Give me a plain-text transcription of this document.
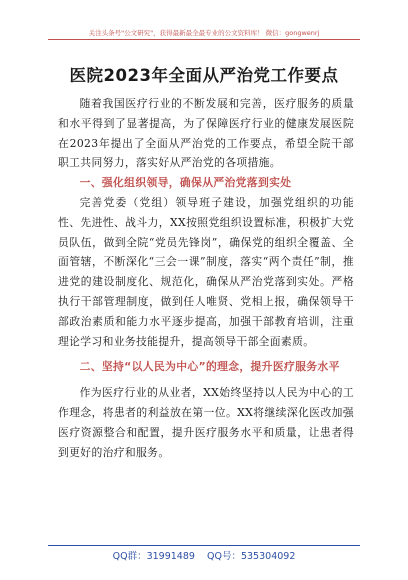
关注头条号"公文研究"，获得最新最全最专业的公文资料库！ 微信：gongwenrj
医院2023年全面从严治党工作要点

随着我国医疗行业的不断发展和完善，医疗服务的质量和水平得到了显著提高，为了保障医疗行业的健康发展医院在2023年提出了全面从严治党的工作要点，希望全院干部职工共同努力，落实好从严治党的各项措施。

一、强化组织领导，确保从严治党落到实处

完善党委（党组）领导班子建设，加强党组织的功能性、先进性、战斗力，XX按照党组织设置标准，积极扩大党员队伍，做到全院“党员先锋岗”，确保党的组织全覆盖、全面管辖，不断深化“三会一课”制度，落实“两个责任”制，推进党的建设制度化、规范化，确保从严治党落到实处。严格执行干部管理制度，做到任人唯贤、党相上报，确保领导干部政治素质和能力水平逐步提高，加强干部教育培训，注重理论学习和业务技能提升，提高领导干部全面素质。

二、坚持“以人民为中心”的理念，提升医疗服务水平

作为医疗行业的从业者，XX始终坚持以人民为中心的工作理念，将患者的利益放在第一位。XX将继续深化医改加强医疗资源整合和配置，提升医疗服务水平和质量，让患者得到更好的治疗和服务。

QQ群：31991489    QQ号：535304092
